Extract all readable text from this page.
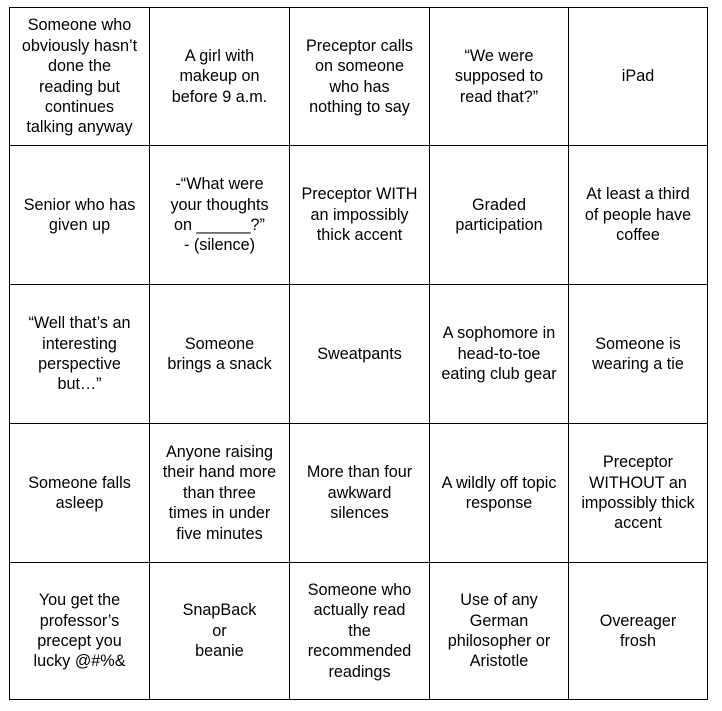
Someone who
obviously hasn’t
done the
reading but
continues
talking anyway
A girl with
makeup on
before 9 a.m.
Preceptor calls
on someone
who has
nothing to say
“We were
supposed to
read that?”
iPad
Senior who has
given up
-“What were
your thoughts
on ______?”
- (silence)
Preceptor WITH
an impossibly
thick accent
Graded
participation
At least a third
of people have
coffee
“Well that’s an
interesting
perspective
but…”
Someone
brings a snack
Sweatpants
A sophomore in
head-to-toe
eating club gear
Someone is
wearing a tie
Someone falls
asleep
Anyone raising
their hand more
than three
times in under
five minutes
More than four
awkward
silences
A wildly off topic
response
Preceptor
WITHOUT an
impossibly thick
accent
You get the
professor’s
precept you
lucky @#%&
SnapBack
or
beanie
Someone who
actually read
the
recommended
readings
Use of any
German
philosopher or
Aristotle
Overeager
frosh
